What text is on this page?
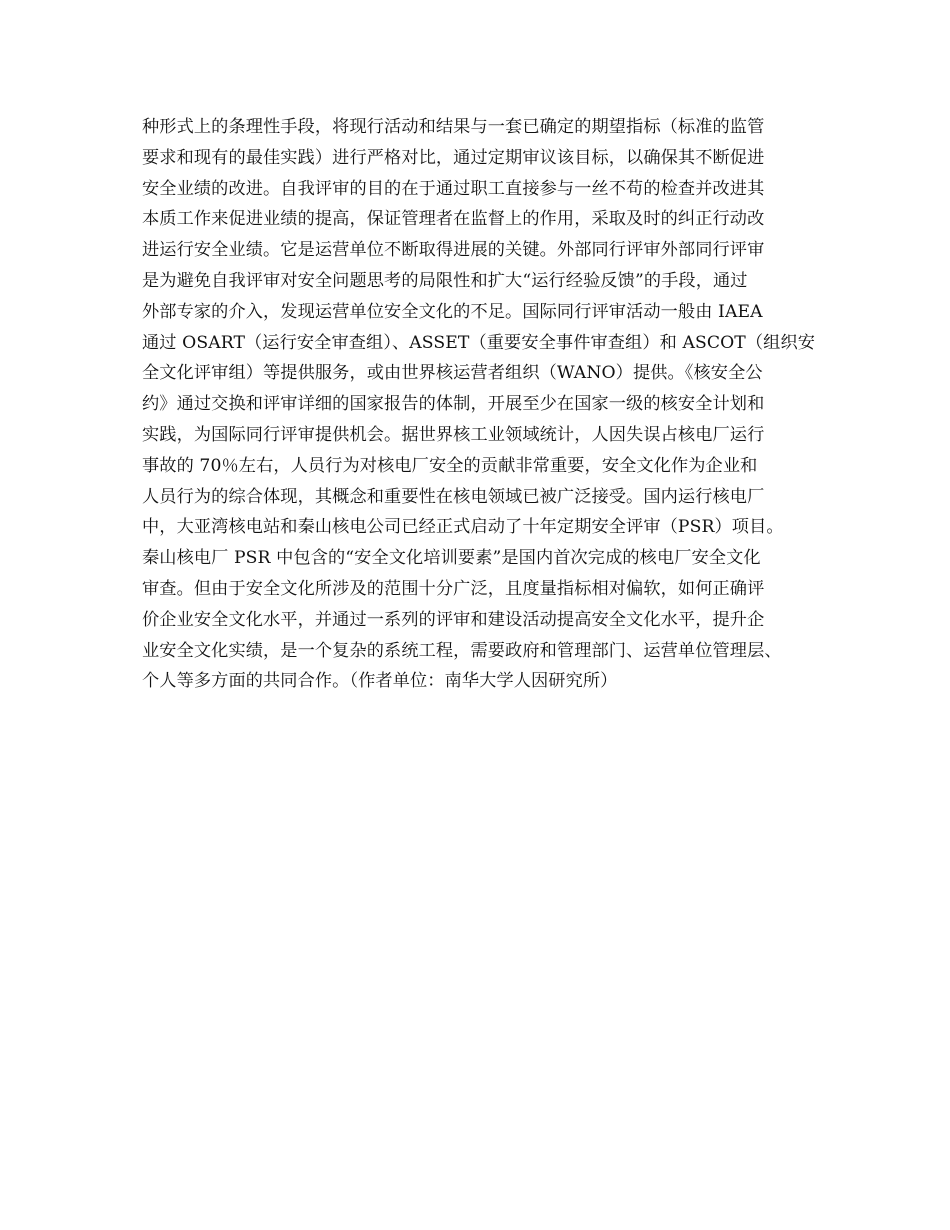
种形式上的条理性手段，将现行活动和结果与一套已确定的期望指标（标准的监管
要求和现有的最佳实践）进行严格对比，通过定期审议该目标，以确保其不断促进
安全业绩的改进。自我评审的目的在于通过职工直接参与一丝不苟的检查并改进其
本质工作来促进业绩的提高，保证管理者在监督上的作用，采取及时的纠正行动改
进运行安全业绩。它是运营单位不断取得进展的关键。外部同行评审外部同行评审
是为避免自我评审对安全问题思考的局限性和扩大“运行经验反馈”的手段，通过
外部专家的介入，发现运营单位安全文化的不足。国际同行评审活动一般由 IAEA
通过 OSART（运行安全审查组）、ASSET（重要安全事件审查组）和 ASCOT（组织安
全文化评审组）等提供服务，或由世界核运营者组织（WANO）提供。《核安全公
约》通过交换和评审详细的国家报告的体制，开展至少在国家一级的核安全计划和
实践，为国际同行评审提供机会。据世界核工业领域统计，人因失误占核电厂运行
事故的 70％左右，人员行为对核电厂安全的贡献非常重要，安全文化作为企业和
人员行为的综合体现，其概念和重要性在核电领域已被广泛接受。国内运行核电厂
中，大亚湾核电站和秦山核电公司已经正式启动了十年定期安全评审（PSR）项目。
秦山核电厂 PSR 中包含的“安全文化培训要素”是国内首次完成的核电厂安全文化
审查。但由于安全文化所涉及的范围十分广泛，且度量指标相对偏软，如何正确评
价企业安全文化水平，并通过一系列的评审和建设活动提高安全文化水平，提升企
业安全文化实绩，是一个复杂的系统工程，需要政府和管理部门、运营单位管理层、
个人等多方面的共同合作。（作者单位：南华大学人因研究所）
